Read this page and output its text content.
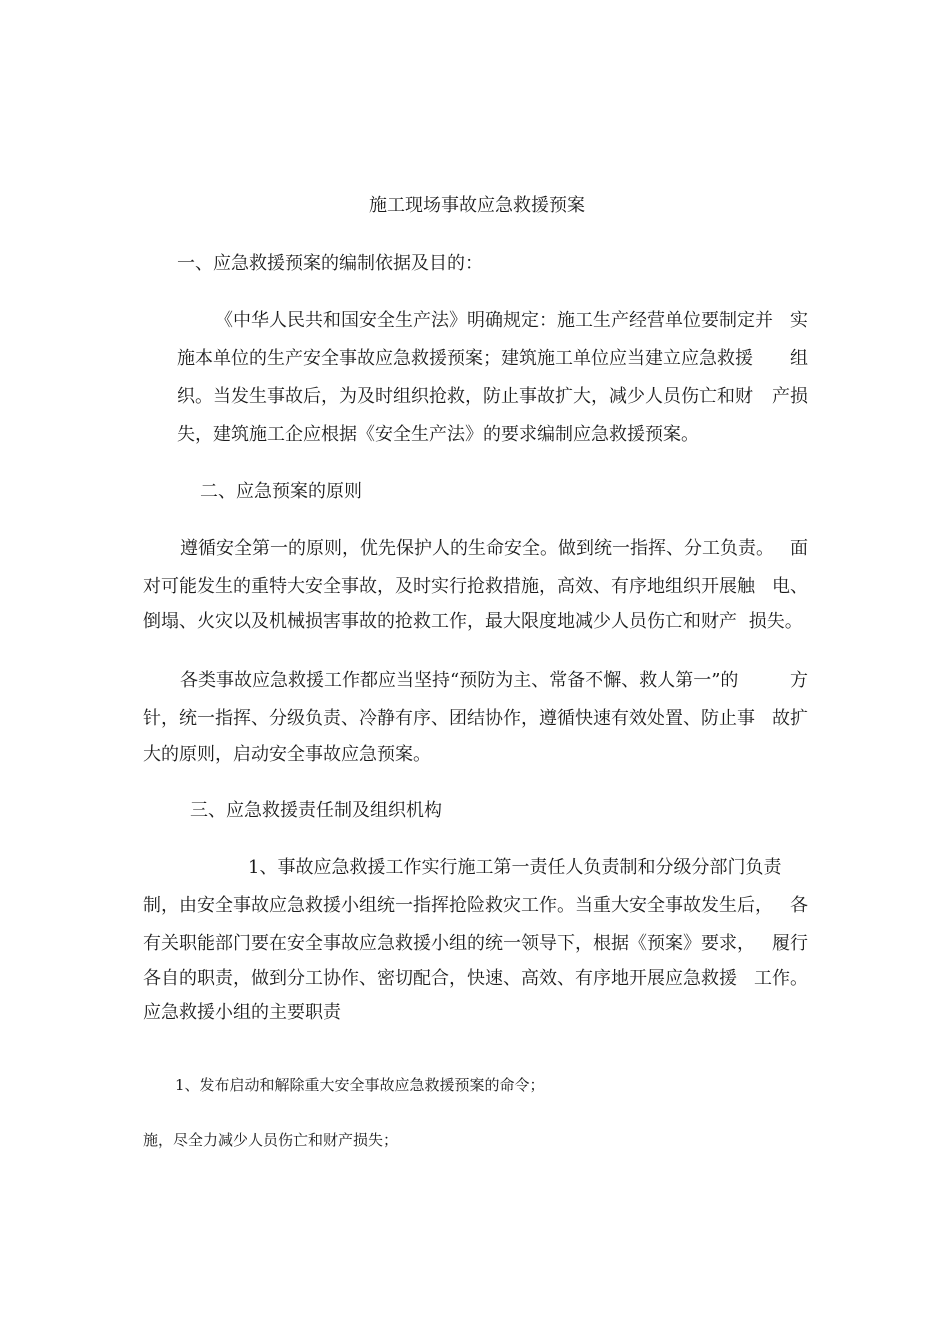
施工现场事故应急救援预案
一、应急救援预案的编制依据及目的：
《中华人民共和国安全生产法》明确规定：施工生产经营单位要制定并 实
施本单位的生产安全事故应急救援预案；建筑施工单位应当建立应急救援 组
织。当发生事故后，为及时组织抢救，防止事故扩大，减少人员伤亡和财 产损
失，建筑施工企应根据《安全生产法》的要求编制应急救援预案。
二、应急预案的原则
遵循安全第一的原则，优先保护人的生命安全。做到统一指挥、分工负责。 面
对可能发生的重特大安全事故，及时实行抢救措施，高效、有序地组织开展触 电、
倒塌、火灾以及机械损害事故的抢救工作，最大限度地减少人员伤亡和财产 损失。
各类事故应急救援工作都应当坚持“预防为主、常备不懈、救人第一”的	方
针，统一指挥、分级负责、冷静有序、团结协作，遵循快速有效处置、防止事 故扩
大的原则，启动安全事故应急预案。
三、应急救援责任制及组织机构
1、事故应急救援工作实行施工第一责任人负责制和分级分部门负责
制，由安全事故应急救援小组统一指挥抢险救灾工作。当重大安全事故发生后， 各
有关职能部门要在安全事故应急救援小组的统一领导下，根据《预案》要求， 履行
各自的职责，做到分工协作、密切配合，快速、高效、有序地开展应急救援 工作。
应急救援小组的主要职责
1、发布启动和解除重大安全事故应急救援预案的命令；
施，尽全力减少人员伤亡和财产损失；
